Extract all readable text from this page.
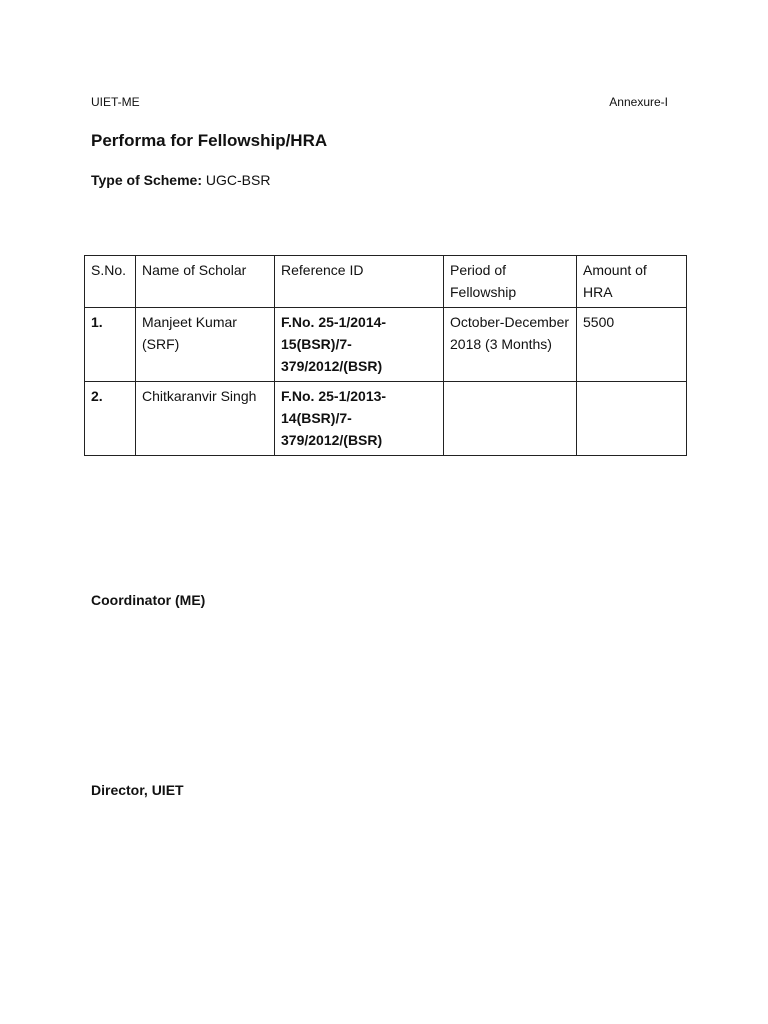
UIET-ME	Annexure-I
Performa for Fellowship/HRA
Type of Scheme: UGC-BSR
S.No.	Name of Scholar	Reference ID	Period of Fellowship	Amount of HRA
1.	Manjeet Kumar (SRF)	F.No. 25-1/2014-15(BSR)/7-379/2012/(BSR)	October-December 2018 (3 Months)	5500
2.	Chitkaranvir Singh	F.No. 25-1/2013-14(BSR)/7-379/2012/(BSR)		
Coordinator (ME)
Director, UIET
